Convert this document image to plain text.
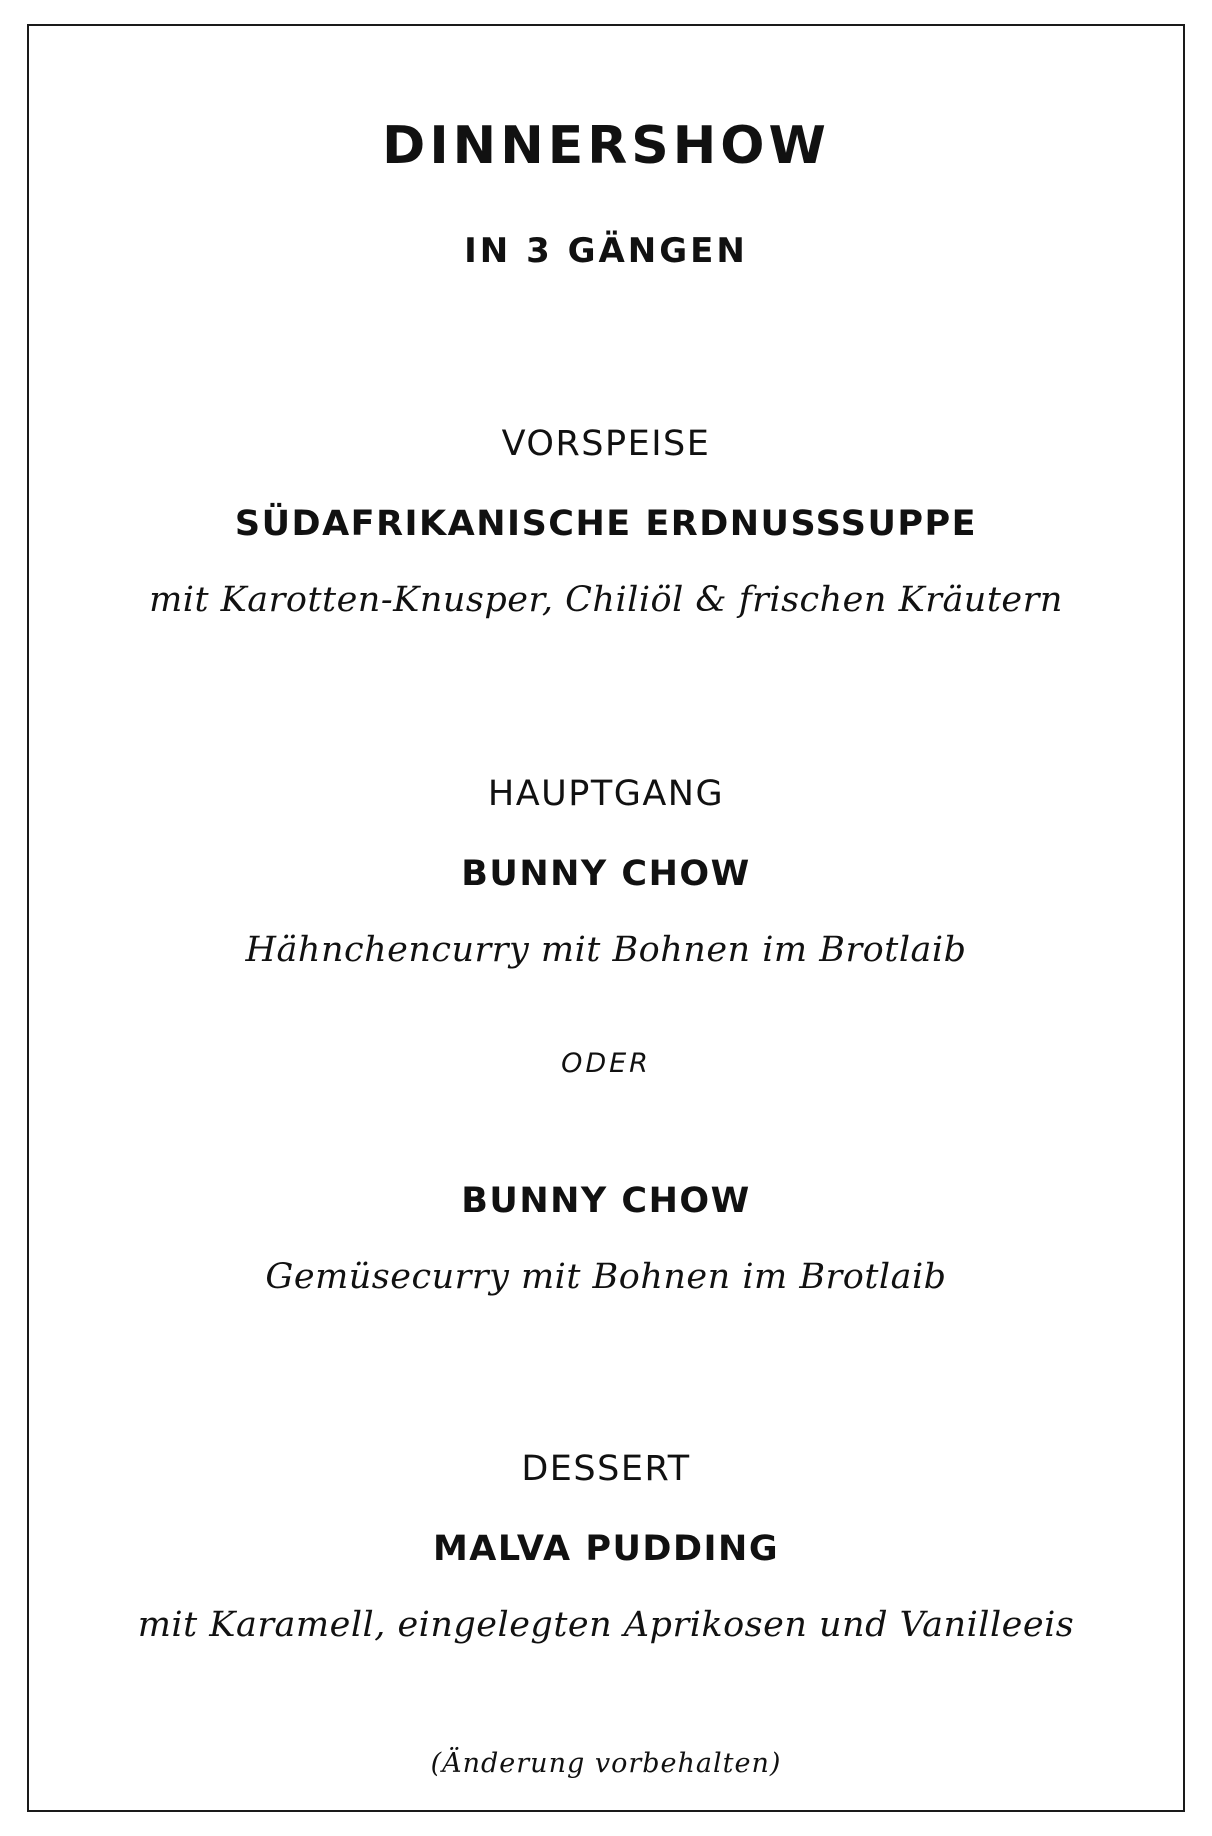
DINNERSHOW
IN 3 GÄNGEN
VORSPEISE
SÜDAFRIKANISCHE ERDNUSSSUPPE
mit Karotten-Knusper, Chiliöl & frischen Kräutern
HAUPTGANG
BUNNY CHOW
Hähnchencurry mit Bohnen im Brotlaib
ODER
BUNNY CHOW
Gemüsecurry mit Bohnen im Brotlaib
DESSERT
MALVA PUDDING
mit Karamell, eingelegten Aprikosen und Vanilleeis
(Änderung vorbehalten)
